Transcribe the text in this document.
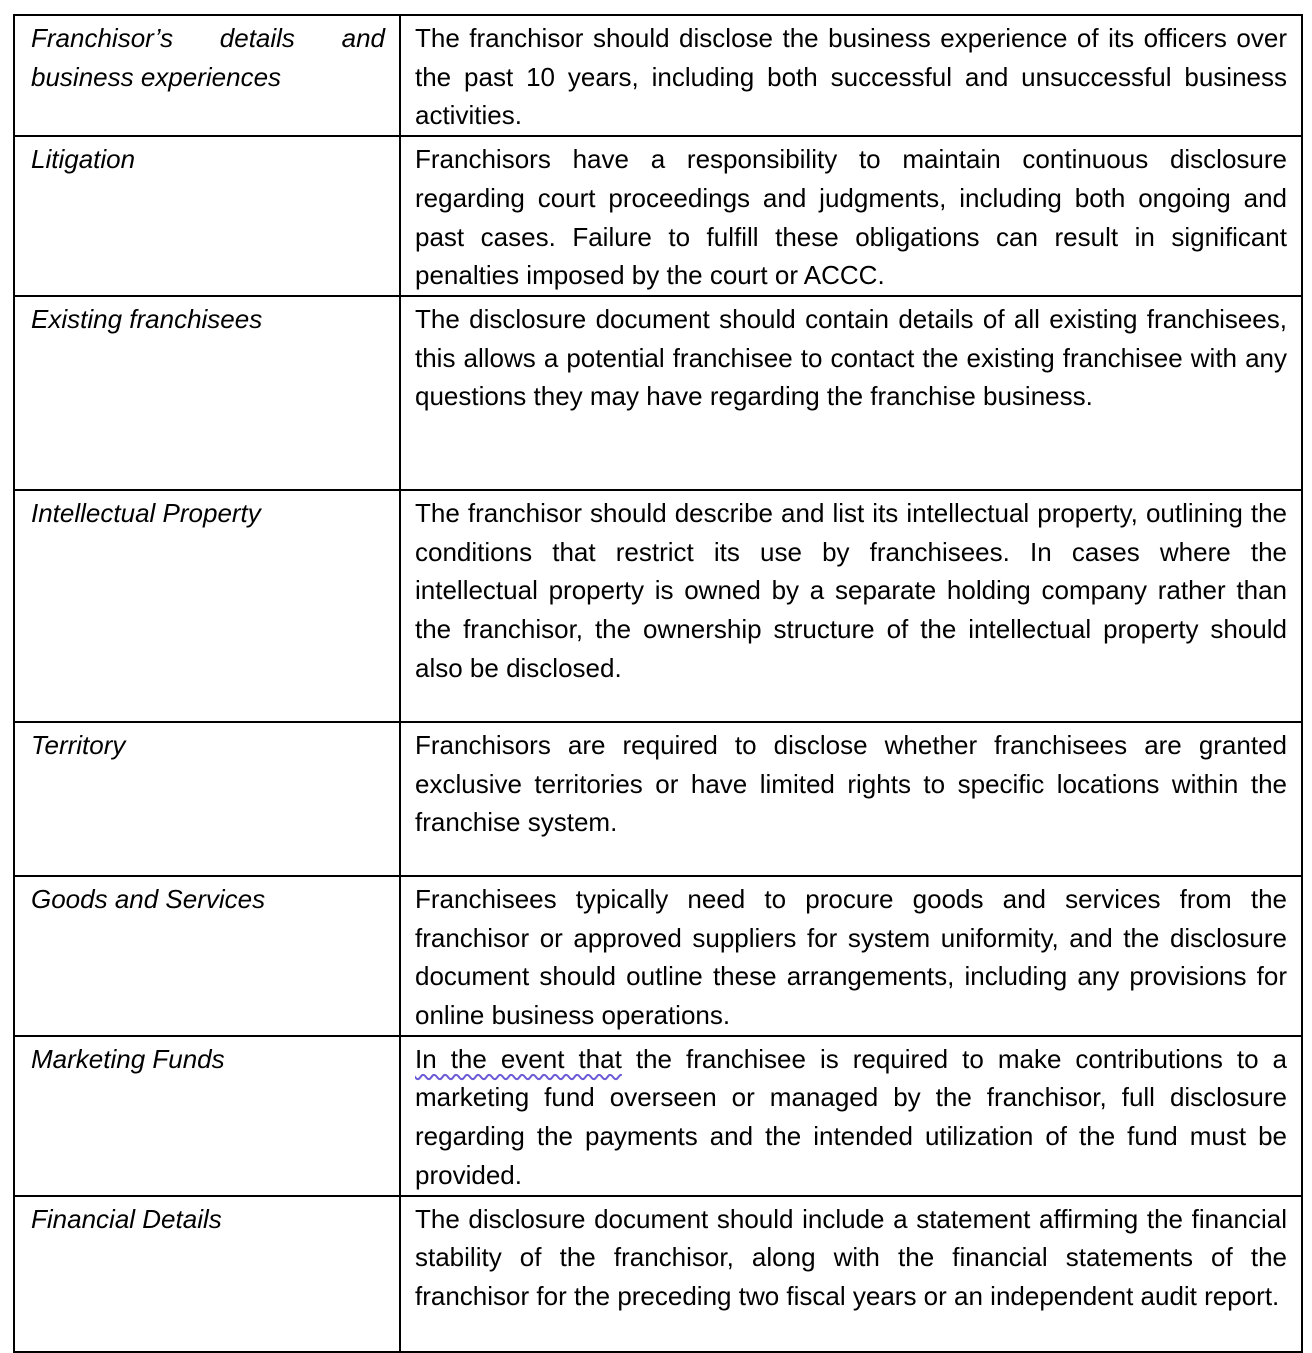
Franchisor’s details and business experiences	The franchisor should disclose the business experience of its officers over the past 10 years, including both successful and unsuccessful business activities.
Litigation	Franchisors have a responsibility to maintain continuous disclosure regarding court proceedings and judgments, including both ongoing and past cases. Failure to fulfill these obligations can result in significant penalties imposed by the court or ACCC.
Existing franchisees	The disclosure document should contain details of all existing franchisees, this allows a potential franchisee to contact the existing franchisee with any questions they may have regarding the franchise business.
Intellectual Property	The franchisor should describe and list its intellectual property, outlining the conditions that restrict its use by franchisees. In cases where the intellectual property is owned by a separate holding company rather than the franchisor, the ownership structure of the intellectual property should also be disclosed.
Territory	Franchisors are required to disclose whether franchisees are granted exclusive territories or have limited rights to specific locations within the franchise system.
Goods and Services	Franchisees typically need to procure goods and services from the franchisor or approved suppliers for system uniformity, and the disclosure document should outline these arrangements, including any provisions for online business operations.
Marketing Funds	In the event that the franchisee is required to make contributions to a marketing fund overseen or managed by the franchisor, full disclosure regarding the payments and the intended utilization of the fund must be provided.
Financial Details	The disclosure document should include a statement affirming the financial stability of the franchisor, along with the financial statements of the franchisor for the preceding two fiscal years or an independent audit report.
